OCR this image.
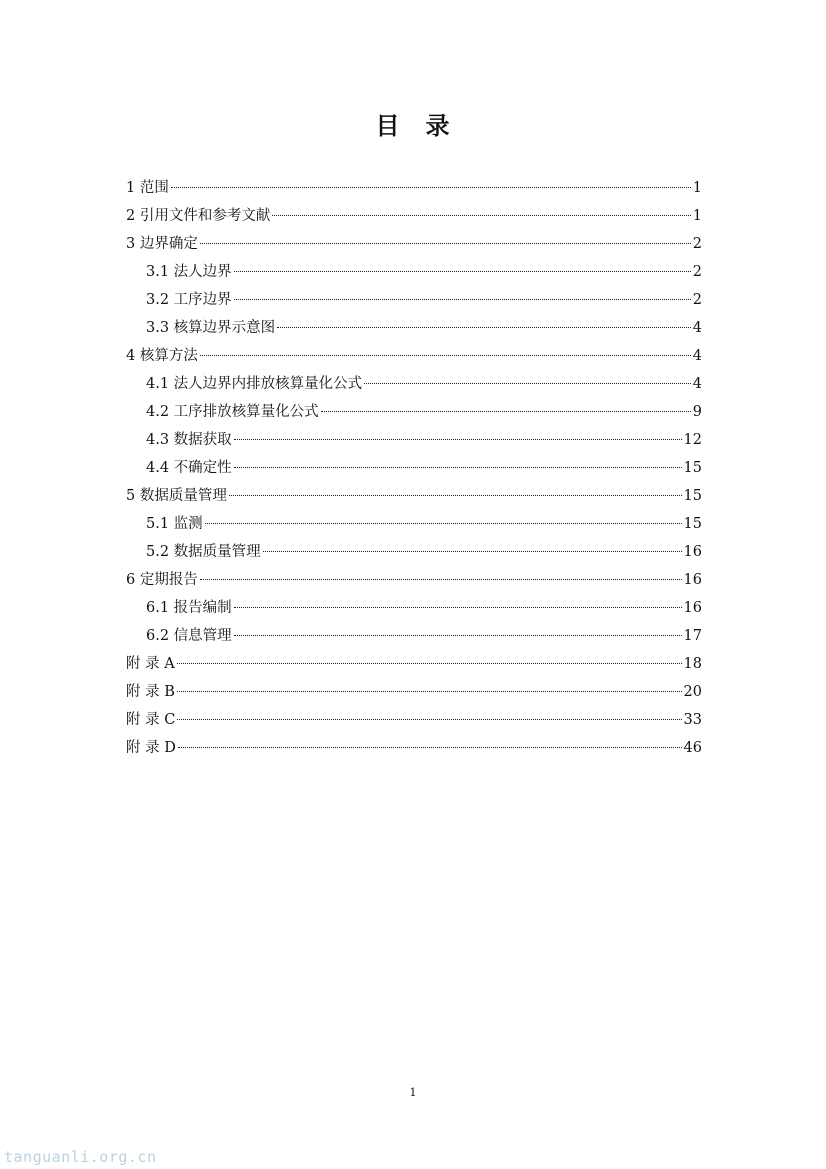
目　录
1 范围	1
2 引用文件和参考文献	1
3 边界确定	2
3.1 法人边界	2
3.2 工序边界	2
3.3 核算边界示意图	4
4 核算方法	4
4.1 法人边界内排放核算量化公式	4
4.2 工序排放核算量化公式	9
4.3 数据获取	12
4.4 不确定性	15
5 数据质量管理	15
5.1 监测	15
5.2 数据质量管理	16
6 定期报告	16
6.1 报告编制	16
6.2 信息管理	17
附 录 A	18
附 录 B	20
附 录 C	33
附 录 D	46
1
tanguanli.org.cn
